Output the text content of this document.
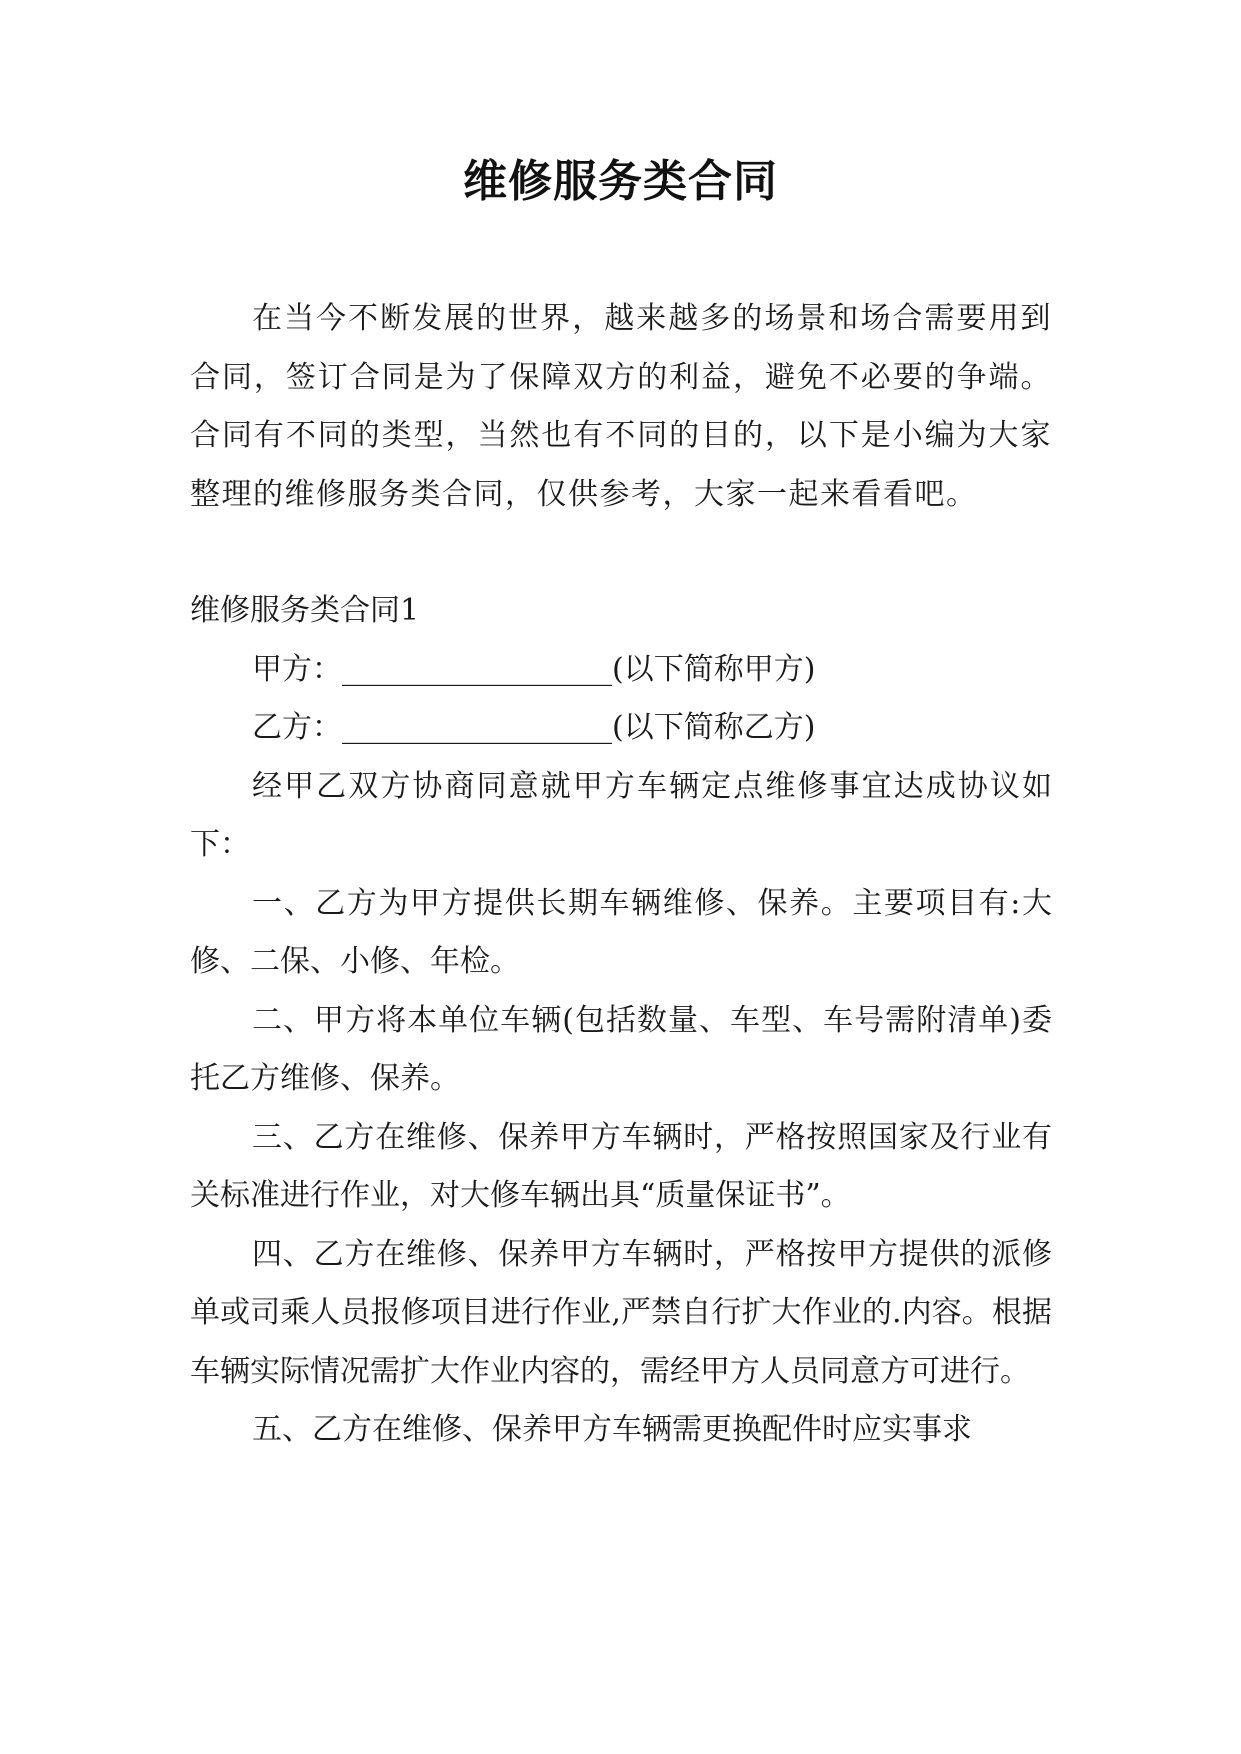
维修服务类合同

在当今不断发展的世界，越来越多的场景和场合需要用到合同，签订合同是为了保障双方的利益，避免不必要的争端。合同有不同的类型，当然也有不同的目的，以下是小编为大家整理的维修服务类合同，仅供参考，大家一起来看看吧。

维修服务类合同1

甲方：__________________(以下简称甲方)

乙方：__________________(以下简称乙方)

经甲乙双方协商同意就甲方车辆定点维修事宜达成协议如下：

一、乙方为甲方提供长期车辆维修、保养。主要项目有:大修、二保、小修、年检。

二、甲方将本单位车辆(包括数量、车型、车号需附清单)委托乙方维修、保养。

三、乙方在维修、保养甲方车辆时，严格按照国家及行业有关标准进行作业，对大修车辆出具“质量保证书”。

四、乙方在维修、保养甲方车辆时，严格按甲方提供的派修单或司乘人员报修项目进行作业,严禁自行扩大作业的.内容。根据车辆实际情况需扩大作业内容的，需经甲方人员同意方可进行。

五、乙方在维修、保养甲方车辆需更换配件时应实事求
